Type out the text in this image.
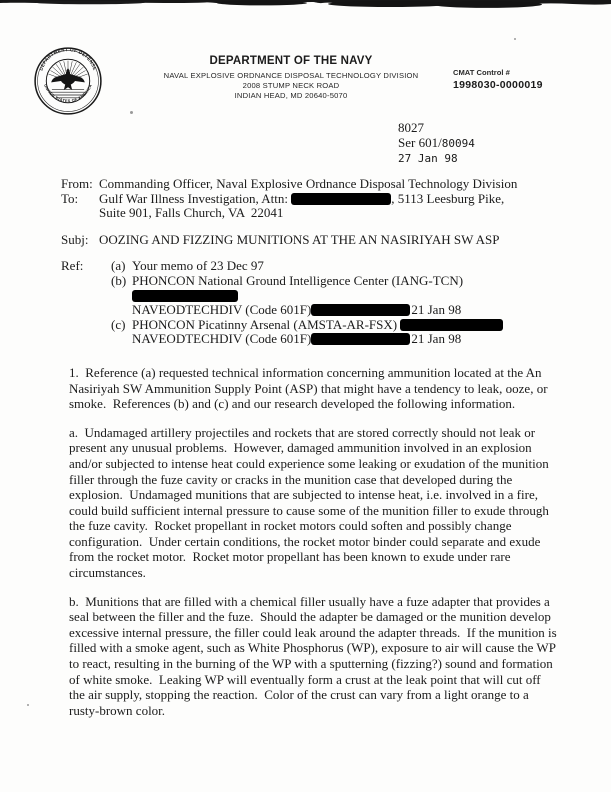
DEPARTMENT OF DEFENSE
UNITED STATES OF AMERICA
DEPARTMENT OF THE NAVY
NAVAL EXPLOSIVE ORDNANCE DISPOSAL TECHNOLOGY DIVISION
2008 STUMP NECK ROAD
INDIAN HEAD, MD 20640-5070
CMAT Control #
1998030-0000019
8027
Ser 601/80094
27 Jan 98
From: Commanding Officer, Naval Explosive Ordnance Disposal Technology Division
To:	Gulf War Illness Investigation, Attn:	, 5113 Leesburg Pike,
Suite 901, Falls Church, VA  22041
Subj: OOZING AND FIZZING MUNITIONS AT THE AN NASIRIYAH SW ASP
Ref:	(a) Your memo of 23 Dec 97
(b) PHONCON National Ground Intelligence Center (IANG-TCN)
NAVEODTECHDIV (Code 601F)	21 Jan 98
(c) PHONCON Picatinny Arsenal (AMSTA-AR-FSX)
NAVEODTECHDIV (Code 601F)	21 Jan 98

1.  Reference (a) requested technical information concerning ammunition located at the An Nasiriyah SW Ammunition Supply Point (ASP) that might have a tendency to leak, ooze, or smoke.  References (b) and (c) and our research developed the following information.

a.  Undamaged artillery projectiles and rockets that are stored correctly should not leak or present any unusual problems.  However, damaged ammunition involved in an explosion and/or subjected to intense heat could experience some leaking or exudation of the munition filler through the fuze cavity or cracks in the munition case that developed during the explosion.  Undamaged munitions that are subjected to intense heat, i.e. involved in a fire, could build sufficient internal pressure to cause some of the munition filler to exude through the fuze cavity.  Rocket propellant in rocket motors could soften and possibly change configuration.  Under certain conditions, the rocket motor binder could separate and exude from the rocket motor.  Rocket motor propellant has been known to exude under rare circumstances.

b.  Munitions that are filled with a chemical filler usually have a fuze adapter that provides a seal between the filler and the fuze.  Should the adapter be damaged or the munition develop excessive internal pressure, the filler could leak around the adapter threads.  If the munition is filled with a smoke agent, such as White Phosphorus (WP), exposure to air will cause the WP to react, resulting in the burning of the WP with a sputterning (fizzing?) sound and formation of white smoke.  Leaking WP will eventually form a crust at the leak point that will cut off the air supply, stopping the reaction.  Color of the crust can vary from a light orange to a rusty-brown color.
